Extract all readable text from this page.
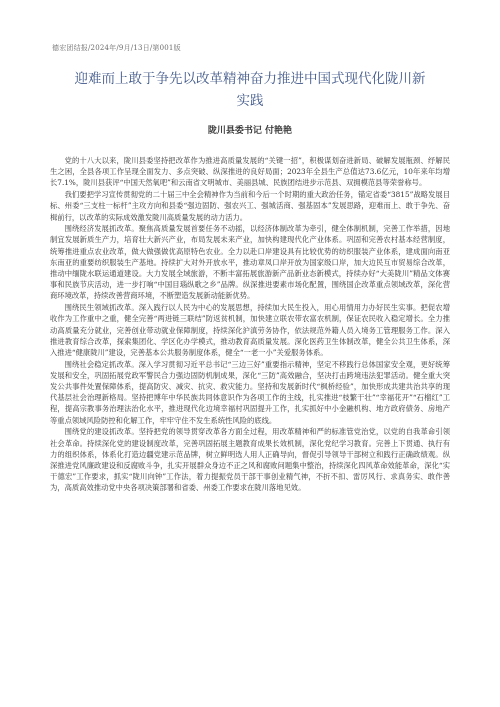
德宏团结报/2024年/9月/13日/第001版
迎难而上敢于争先以改革精神奋力推进中国式现代化陇川新实践
陇川县委书记 付艳艳

党的十八大以来，陇川县委坚持把改革作为推进高质量发展的“关键一招”，积极谋划奋进新局、破解发展瓶颈、纾解民生之困，全县各项工作呈现全面发力、多点突破、纵深推进的良好局面；2023年全县生产总值达73.6亿元，10年来年均增长7.1%，陇川县获评“中国天然氧吧”和云南省文明城市、美丽县城、民族团结进步示范县、双拥模范县等荣誉称号。

我们要把学习宣传贯彻党的二十届三中全会精神作为当前和今后一个时期的重大政治任务，锚定省委“3815”战略发展目标、州委“三支柱一标杆”主攻方向和县委“强边固防、强农兴工、强城活商、强基固本”发展思路，迎难而上、敢于争先、奋楫前行，以改革的实际成效激发陇川高质量发展的动力活力。

围绕经济发展抓改革。聚焦高质量发展首要任务不动摇，以经济体制改革为牵引，健全体制机制，完善工作举措，因地制宜发展新质生产力，培育壮大新兴产业，布局发展未来产业，加快构建现代化产业体系。巩固和完善农村基本经营制度，统筹推进重点农业改革，做大做强做优高原特色农业。全力以赴口岸建设具有比较优势的纺织服装产业体系，建成面向南亚东南亚的重要纺织服装生产基地。持续扩大对外开放水平，推动章凤口岸开放为国家级口岸，加大边民互市贸易综合改革，推动中缅陇水联运通道建设。大力发展全域旅游，不断丰富拓展旅游新产品新业态新模式，持续办好“大美陇川”精品文体赛事和民族节庆活动，进一步打响“中国目瑙纵歌之乡”品牌。纵深推进要素市场化配置，围绕国企改革重点领域改革，深化营商环境改革，持续改善营商环境，不断塑造发展新动能新优势。

围绕民生领域抓改革。深入践行以人民为中心的发展思想，持续加大民生投入，用心用情用力办好民生实事。把促农增收作为工作重中之重，健全完善“两进链三联结”防返贫机制，加快建立联农带农富农机制，保证农民收入稳定增长。全力推动高质量充分就业，完善创业带动就业保障制度，持续深化沪滇劳务协作，依法规范外籍人员入境务工管理服务工作。深入推进教育综合改革，探索集团化、学区化办学模式，推动教育高质量发展。深化医药卫生体制改革，健全公共卫生体系，深入推进“健康陇川”建设，完善基本公共服务制度体系，健全“一老一小”关爱服务体系。

围绕社会稳定抓改革。深入学习贯彻习近平总书记“三边三好”重要指示精神，坚定不移践行总体国家安全观，更好统筹发展和安全，巩固拓展党政军警民合力强边固防机制成果，深化“三防”高效融合，坚决打击跨境违法犯罪活动。健全重大突发公共事件处置保障体系，提高防灾、减灾、抗灾、救灾能力。坚持和发展新时代“枫桥经验”，加快形成共建共治共享的现代基层社会治理新格局。坚持把博年中华民族共同体意识作为各项工作的主线，扎实推进“枝繁干壮”“幸福花开”“石榴红”工程，提高宗教事务治理法治化水平，推进现代化边境幸福村巩固提升工作，扎实抓好中小金融机构、地方政府债务、房地产等重点领域风险防控和化解工作，牢牢守住不发生系统性风险的底线。

围绕党的建设抓改革。坚持把党的领导贯穿改革各方面全过程，用改革精神和严的标准管党治党，以党的自我革命引领社会革命。持续深化党的建设制度改革，完善巩固拓展主题教育成果长效机制，深化党纪学习教育。完善上下贯通、执行有力的组织体系，体系化打造边疆党建示范品牌，树立鲜明选人用人正确导向，督促引导领导干部树立和践行正确政绩观。纵深推进党风廉政建设和反腐败斗争，扎实开展群众身边不正之风和腐败问题集中整治，持续深化四风革命效能革命，深化“实干德宏”工作要求，抓实“陇川向钟”工作法，着力提振党员干部干事创业精气神，不折不扣、雷厉风行、求真务实、敢作善为，高质高效推动党中央各项决策部署和省委、州委工作要求在陇川落地见效。
